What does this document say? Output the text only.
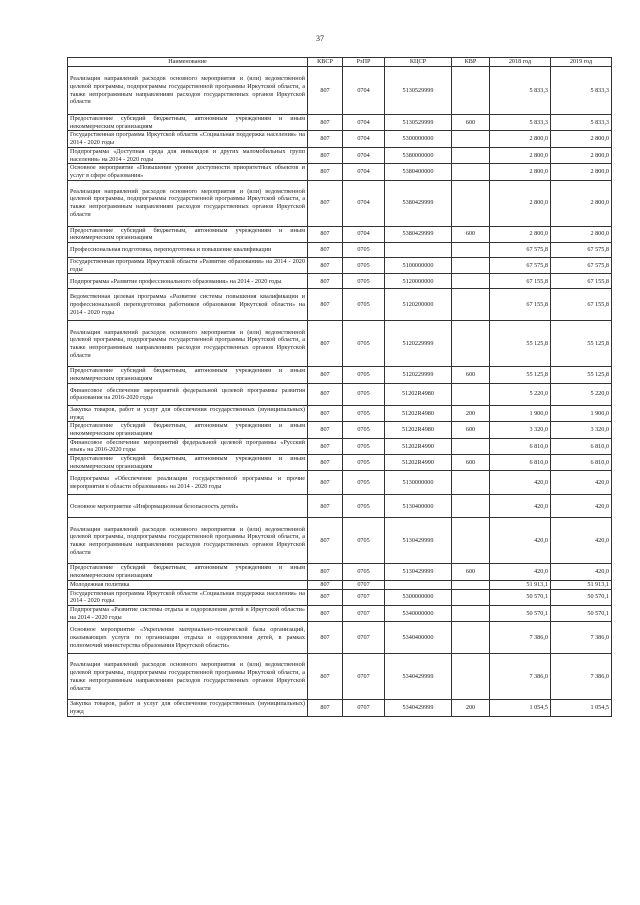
37
Наименование	КВСР	РзПР	КЦСР	КВР	2018 год	2019 год
Реализация направлений расходов основного мероприятия и (или) ведомственной целевой программы, подпрограммы государственной программы Иркутской области, а также непрограммным направлениям расходов государственных органов Иркутской области	807	0704	5130529999		5 833,3	5 833,3
Предоставление субсидий бюджетным, автономным учреждениям и иным некоммерческим организациям	807	0704	5130529999	600	5 833,3	5 833,3
Государственная программа Иркутской области «Социальная поддержка населения» на 2014 - 2020 годы	807	0704	5300000000		2 800,0	2 800,0
Подпрограмма «Доступная среда для инвалидов и других маломобильных групп населения» на 2014 - 2020 годы	807	0704	5380000000		2 800,0	2 800,0
Основное мероприятие «Повышение уровня доступности приоритетных объектов и услуг в сфере образования»	807	0704	5380400000		2 800,0	2 800,0
Реализация направлений расходов основного мероприятия и (или) ведомственной целевой программы, подпрограммы государственной программы Иркутской области, а также непрограммным направлениям расходов государственных органов Иркутской области	807	0704	5380429999		2 800,0	2 800,0
Предоставление субсидий бюджетным, автономным учреждениям и иным некоммерческим организациям	807	0704	5380429999	600	2 800,0	2 800,0
Профессиональная подготовка, переподготовка и повышение квалификации	807	0705			67 575,8	67 575,8
Государственная программа Иркутской области «Развитие образования» на 2014 - 2020 годы	807	0705	5100000000		67 575,8	67 575,8
Подпрограмма «Развитие профессионального образования» на 2014 - 2020 годы	807	0705	5120000000		67 155,8	67 155,8
Ведомственная целевая программа «Развитие системы повышения квалификации и профессиональной переподготовки работников образования Иркутской области» на 2014 - 2020 годы	807	0705	5120200000		67 155,8	67 155,8
Реализация направлений расходов основного мероприятия и (или) ведомственной целевой программы, подпрограммы государственной программы Иркутской области, а также непрограммным направлениям расходов государственных органов Иркутской области	807	0705	5120229999		55 125,8	55 125,8
Предоставление субсидий бюджетным, автономным учреждениям и иным некоммерческим организациям	807	0705	5120229999	600	55 125,8	55 125,8
Финансовое обеспечение мероприятий федеральной целевой программы развития образования на 2016-2020 годы	807	0705	51202R4980		5 220,0	5 220,0
Закупка товаров, работ и услуг для обеспечения государственных (муниципальных) нужд	807	0705	51202R4980	200	1 900,0	1 900,0
Предоставление субсидий бюджетным, автономным учреждениям и иным некоммерческим организациям	807	0705	51202R4980	600	3 320,0	3 320,0
Финансовое обеспечение мероприятий федеральной целевой программы «Русский язык» на 2016-2020 годы	807	0705	51202R4990		6 810,0	6 810,0
Предоставление субсидий бюджетным, автономным учреждениям и иным некоммерческим организациям	807	0705	51202R4990	600	6 810,0	6 810,0
Подпрограмма «Обеспечение реализации государственной программы и прочие мероприятия в области образования» на 2014 - 2020 годы	807	0705	5130000000		420,0	420,0
Основное мероприятие «Информационная безопасность детей»	807	0705	5130400000		420,0	420,0
Реализация направлений расходов основного мероприятия и (или) ведомственной целевой программы, подпрограммы государственной программы Иркутской области, а также непрограммным направлениям расходов государственных органов Иркутской области	807	0705	5130429999		420,0	420,0
Предоставление субсидий бюджетным, автономным учреждениям и иным некоммерческим организациям	807	0705	5130429999	600	420,0	420,0
Молодежная политика	807	0707			51 913,1	51 913,1
Государственная программа Иркутской области «Социальная поддержка населения» на 2014 - 2020 годы	807	0707	5300000000		50 570,1	50 570,1
Подпрограмма «Развитие системы отдыха и оздоровления детей в Иркутской области» на 2014 - 2020 годы	807	0707	5340000000		50 570,1	50 570,1
Основное мероприятие «Укрепление материально-технической базы организаций, оказывающих услуги по организации отдыха и оздоровления детей, в рамках полномочий министерства образования Иркутской области»	807	0707	5340400000		7 386,0	7 386,0
Реализация направлений расходов основного мероприятия и (или) ведомственной целевой программы, подпрограммы государственной программы Иркутской области, а также непрограммным направлениям расходов государственных органов Иркутской области	807	0707	5340429999		7 386,0	7 386,0
Закупка товаров, работ и услуг для обеспечения государственных (муниципальных) нужд	807	0707	5340429999	200	1 054,5	1 054,5
